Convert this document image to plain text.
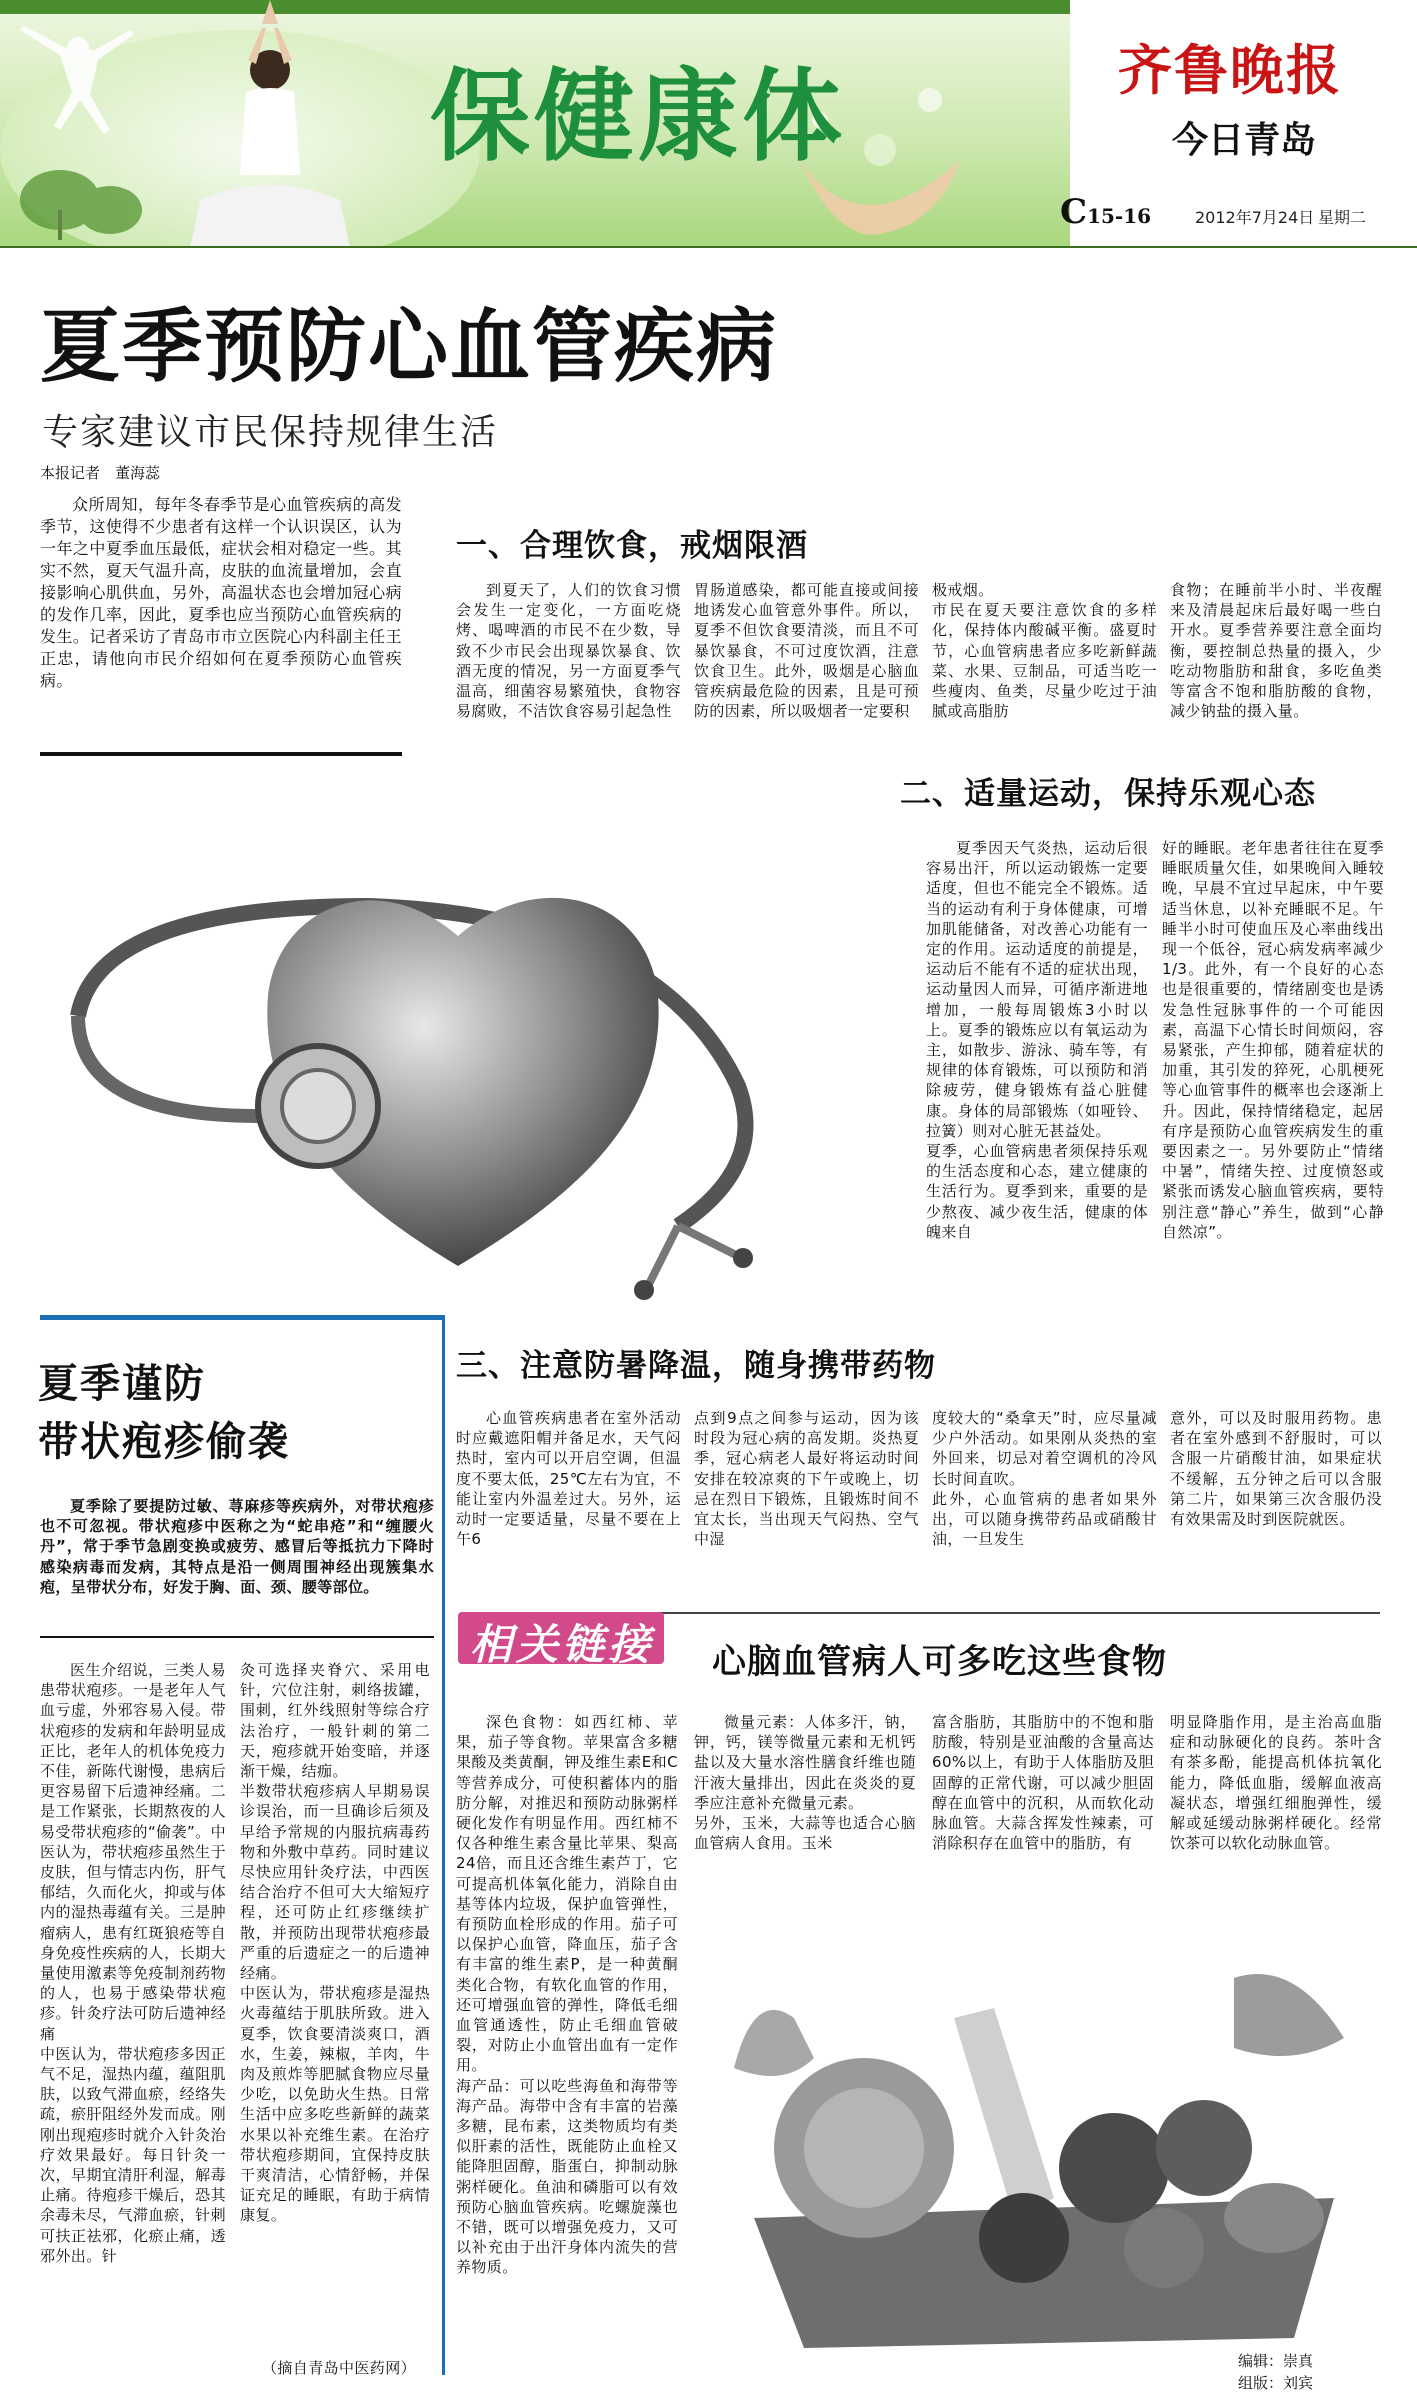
保健康体	齐鲁晚报
今日青岛
C15-16	2012年7月24日 星期二
夏季预防心血管疾病
专家建议市民保持规律生活
本报记者　董海蕊

众所周知，每年冬春季节是心血管疾病的高发季节，这使得不少患者有这样一个认识误区，认为一年之中夏季血压最低，症状会相对稳定一些。其实不然，夏天气温升高，皮肤的血流量增加，会直接影响心肌供血，另外，高温状态也会增加冠心病的发作几率，因此，夏季也应当预防心血管疾病的发生。记者采访了青岛市市立医院心内科副主任王正忠，请他向市民介绍如何在夏季预防心血管疾病。

一、合理饮食，戒烟限酒

到夏天了，人们的饮食习惯会发生一定变化，一方面吃烧烤、喝啤酒的市民不在少数，导致不少市民会出现暴饮暴食、饮酒无度的情况，另一方面夏季气温高，细菌容易繁殖快，食物容易腐败，不洁饮食容易引起急性

胃肠道感染，都可能直接或间接地诱发心血管意外事件。所以，夏季不但饮食要清淡，而且不可暴饮暴食，不可过度饮酒，注意饮食卫生。此外，吸烟是心脑血管疾病最危险的因素，且是可预防的因素，所以吸烟者一定要积

极戒烟。
市民在夏天要注意饮食的多样化，保持体内酸碱平衡。盛夏时节，心血管病患者应多吃新鲜蔬菜、水果、豆制品，可适当吃一些瘦肉、鱼类，尽量少吃过于油腻或高脂肪

食物；在睡前半小时、半夜醒来及清晨起床后最好喝一些白开水。夏季营养要注意全面均衡，要控制总热量的摄入，少吃动物脂肪和甜食，多吃鱼类等富含不饱和脂肪酸的食物，减少钠盐的摄入量。

二、适量运动，保持乐观心态

夏季因天气炎热，运动后很容易出汗，所以运动锻炼一定要适度，但也不能完全不锻炼。适当的运动有利于身体健康，可增加肌能储备，对改善心功能有一定的作用。运动适度的前提是，运动后不能有不适的症状出现，运动量因人而异，可循序渐进地增加，一般每周锻炼3小时以上。夏季的锻炼应以有氧运动为主，如散步、游泳、骑车等，有规律的体育锻炼，可以预防和消除疲劳，健身锻炼有益心脏健康。身体的局部锻炼（如哑铃、拉簧）则对心脏无甚益处。
夏季，心血管病患者须保持乐观的生活态度和心态，建立健康的生活行为。夏季到来，重要的是少熬夜、减少夜生活，健康的体魄来自

好的睡眠。老年患者往往在夏季睡眠质量欠佳，如果晚间入睡较晚，早晨不宜过早起床，中午要适当休息，以补充睡眠不足。午睡半小时可使血压及心率曲线出现一个低谷，冠心病发病率减少1/3。此外，有一个良好的心态也是很重要的，情绪剧变也是诱发急性冠脉事件的一个可能因素，高温下心情长时间烦闷，容易紧张，产生抑郁，随着症状的加重，其引发的猝死，心肌梗死等心血管事件的概率也会逐渐上升。因此，保持情绪稳定，起居有序是预防心血管疾病发生的重要因素之一。另外要防止“情绪中暑”，情绪失控、过度愤怒或紧张而诱发心脑血管疾病，要特别注意“静心”养生，做到“心静自然凉”。

三、注意防暑降温，随身携带药物

心血管疾病患者在室外活动时应戴遮阳帽并备足水，天气闷热时，室内可以开启空调，但温度不要太低，25℃左右为宜，不能让室内外温差过大。另外，运动时一定要适量，尽量不要在上午6

点到9点之间参与运动，因为该时段为冠心病的高发期。炎热夏季，冠心病老人最好将运动时间安排在较凉爽的下午或晚上，切忌在烈日下锻炼，且锻炼时间不宜太长，当出现天气闷热、空气中湿

度较大的“桑拿天”时，应尽量减少户外活动。如果刚从炎热的室外回来，切忌对着空调机的冷风长时间直吹。
此外，心血管病的患者如果外出，可以随身携带药品或硝酸甘油，一旦发生

意外，可以及时服用药物。患者在室外感到不舒服时，可以含服一片硝酸甘油，如果症状不缓解，五分钟之后可以含服第二片，如果第三次含服仍没有效果需及时到医院就医。

夏季谨防
带状疱疹偷袭

夏季除了要提防过敏、荨麻疹等疾病外，对带状疱疹也不可忽视。带状疱疹中医称之为“蛇串疮”和“缠腰火丹”，常于季节急剧变换或疲劳、感冒后等抵抗力下降时感染病毒而发病，其特点是沿一侧周围神经出现簇集水疱，呈带状分布，好发于胸、面、颈、腰等部位。

医生介绍说，三类人易患带状疱疹。一是老年人气血亏虚，外邪容易入侵。带状疱疹的发病和年龄明显成正比，老年人的机体免疫力不佳，新陈代谢慢，患病后更容易留下后遗神经痛。二是工作紧张，长期熬夜的人易受带状疱疹的“偷袭”。中医认为，带状疱疹虽然生于皮肤，但与情志内伤，肝气郁结，久而化火，抑或与体内的湿热毒蕴有关。三是肿瘤病人，患有红斑狼疮等自身免疫性疾病的人，长期大量使用激素等免疫制剂药物的人，也易于感染带状疱疹。针灸疗法可防后遗神经痛
中医认为，带状疱疹多因正气不足，湿热内蕴，蕴阻肌肤，以致气滞血瘀，经络失疏，瘀肝阻经外发而成。刚刚出现疱疹时就介入针灸治疗效果最好。每日针灸一次，早期宜清肝利湿，解毒止痛。待疱疹干燥后，恐其余毒未尽，气滞血瘀，针刺可扶正祛邪，化瘀止痛，透邪外出。针

灸可选择夹脊穴、采用电针，穴位注射，刺络拔罐，围刺，红外线照射等综合疗法治疗，一般针刺的第二天，疱疹就开始变暗，并逐渐干燥，结痂。
半数带状疱疹病人早期易误诊误治，而一旦确诊后须及早给予常规的内服抗病毒药物和外敷中草药。同时建议尽快应用针灸疗法，中西医结合治疗不但可大大缩短疗程，还可防止红疹继续扩散，并预防出现带状疱疹最严重的后遗症之一的后遗神经痛。
中医认为，带状疱疹是湿热火毒蕴结于肌肤所致。进入夏季，饮食要清淡爽口，酒水，生姜，辣椒，羊肉，牛肉及煎炸等肥腻食物应尽量少吃，以免助火生热。日常生活中应多吃些新鲜的蔬菜水果以补充维生素。在治疗带状疱疹期间，宜保持皮肤干爽清洁，心情舒畅，并保证充足的睡眠，有助于病情康复。

（摘自青岛中医药网）

相关链接 心脑血管病人可多吃这些食物

深色食物：如西红柿、苹果，茄子等食物。苹果富含多糖果酸及类黄酮，钾及维生素E和C等营养成分，可使积蓄体内的脂肪分解，对推迟和预防动脉粥样硬化发作有明显作用。西红柿不仅各种维生素含量比苹果、梨高24倍，而且还含维生素芦丁，它可提高机体氧化能力，消除自由基等体内垃圾，保护血管弹性，有预防血栓形成的作用。茄子可以保护心血管，降血压，茄子含有丰富的维生素P，是一种黄酮类化合物，有软化血管的作用，还可增强血管的弹性，降低毛细血管通透性，防止毛细血管破裂，对防止小血管出血有一定作用。
海产品：可以吃些海鱼和海带等海产品。海带中含有丰富的岩藻多糖，昆布素，这类物质均有类似肝素的活性，既能防止血栓又能降胆固醇，脂蛋白，抑制动脉粥样硬化。鱼油和磷脂可以有效预防心脑血管疾病。吃螺旋藻也不错，既可以增强免疫力，又可以补充由于出汗身体内流失的营养物质。

微量元素：人体多汗，钠，钾，钙，镁等微量元素和无机钙盐以及大量水溶性膳食纤维也随汗液大量排出，因此在炎炎的夏季应注意补充微量元素。
另外，玉米，大蒜等也适合心脑血管病人食用。玉米

富含脂肪，其脂肪中的不饱和脂肪酸，特别是亚油酸的含量高达60%以上，有助于人体脂肪及胆固醇的正常代谢，可以减少胆固醇在血管中的沉积，从而软化动脉血管。大蒜含挥发性辣素，可消除积存在血管中的脂肪，有

明显降脂作用，是主治高血脂症和动脉硬化的良药。茶叶含有茶多酚，能提高机体抗氧化能力，降低血脂，缓解血液高凝状态，增强红细胞弹性，缓解或延缓动脉粥样硬化。经常饮茶可以软化动脉血管。

编辑：崇真
组版：刘宾
